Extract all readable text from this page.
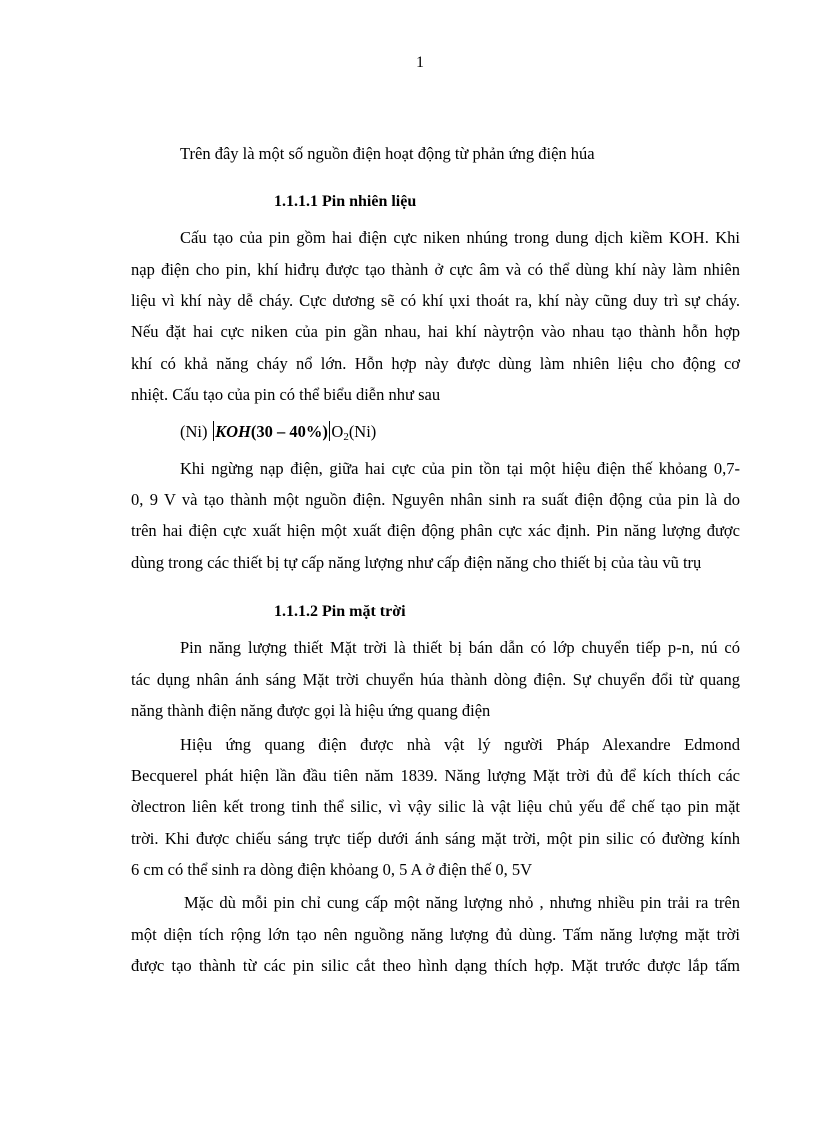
1
Trên đây là một số nguồn điện hoạt động từ phản ứng điện húa
1.1.1.1 Pin nhiên liệu
Cấu tạo của pin gồm hai điện cực niken nhúng trong dung dịch kiềm KOH. Khi
nạp điện cho pin, khí hiđrụ được tạo thành ở cực âm và có thể dùng khí này làm nhiên
liệu vì khí này dễ cháy. Cực dương sẽ có khí ụxi thoát ra, khí này cũng duy trì sự cháy.
Nếu đặt hai cực niken của pin gần nhau, hai khí nàytrộn vào nhau tạo thành hỗn hợp
khí có khả năng cháy nổ lớn. Hỗn hợp này được dùng làm nhiên liệu cho động cơ
nhiệt. Cấu tạo của pin có thể biểu diễn như sau
(Ni) KOH(30 – 40%) $O_2(Ni)$
Khi ngừng nạp điện, giữa hai cực của pin tồn tại một hiệu điện thế khỏang 0,7-
0, 9 V và tạo thành một nguồn điện. Nguyên nhân sinh ra suất điện động của pin là do
trên hai điện cực xuất hiện một xuất điện động phân cực xác định. Pin năng lượng được
dùng trong các thiết bị tự cấp năng lượng như cấp điện năng cho thiết bị của tàu vũ trụ
1.1.1.2 Pin mặt trời
Pin năng lượng thiết Mặt trời là thiết bị bán dẫn có lớp chuyển tiếp p-n, nú có
tác dụng nhân ánh sáng Mặt trời chuyển húa thành dòng điện. Sự chuyển đổi từ quang
năng thành điện năng được gọi là hiệu ứng quang điện
Hiệu ứng quang điện được nhà vật lý người Pháp Alexandre Edmond
Becquerel phát hiện lần đầu tiên năm 1839. Năng lượng Mặt trời đủ để kích thích các
ờlectron liên kết trong tinh thể silic, vì vậy silic là vật liệu chủ yếu để chế tạo pin mặt
trời. Khi được chiếu sáng trực tiếp dưới ánh sáng mặt trời, một pin silic có đường kính
6 cm có thể sinh ra dòng điện khỏang 0, 5 A ở điện thế 0, 5V
Mặc dù mỗi pin chỉ cung cấp một năng lượng nhỏ , nhưng nhiều pin trải ra trên
một diện tích rộng lớn tạo nên nguồng năng lượng đủ dùng. Tấm năng lượng mặt trời
được tạo thành từ các pin silic cắt theo hình dạng thích hợp. Mặt trước được lắp tấm
